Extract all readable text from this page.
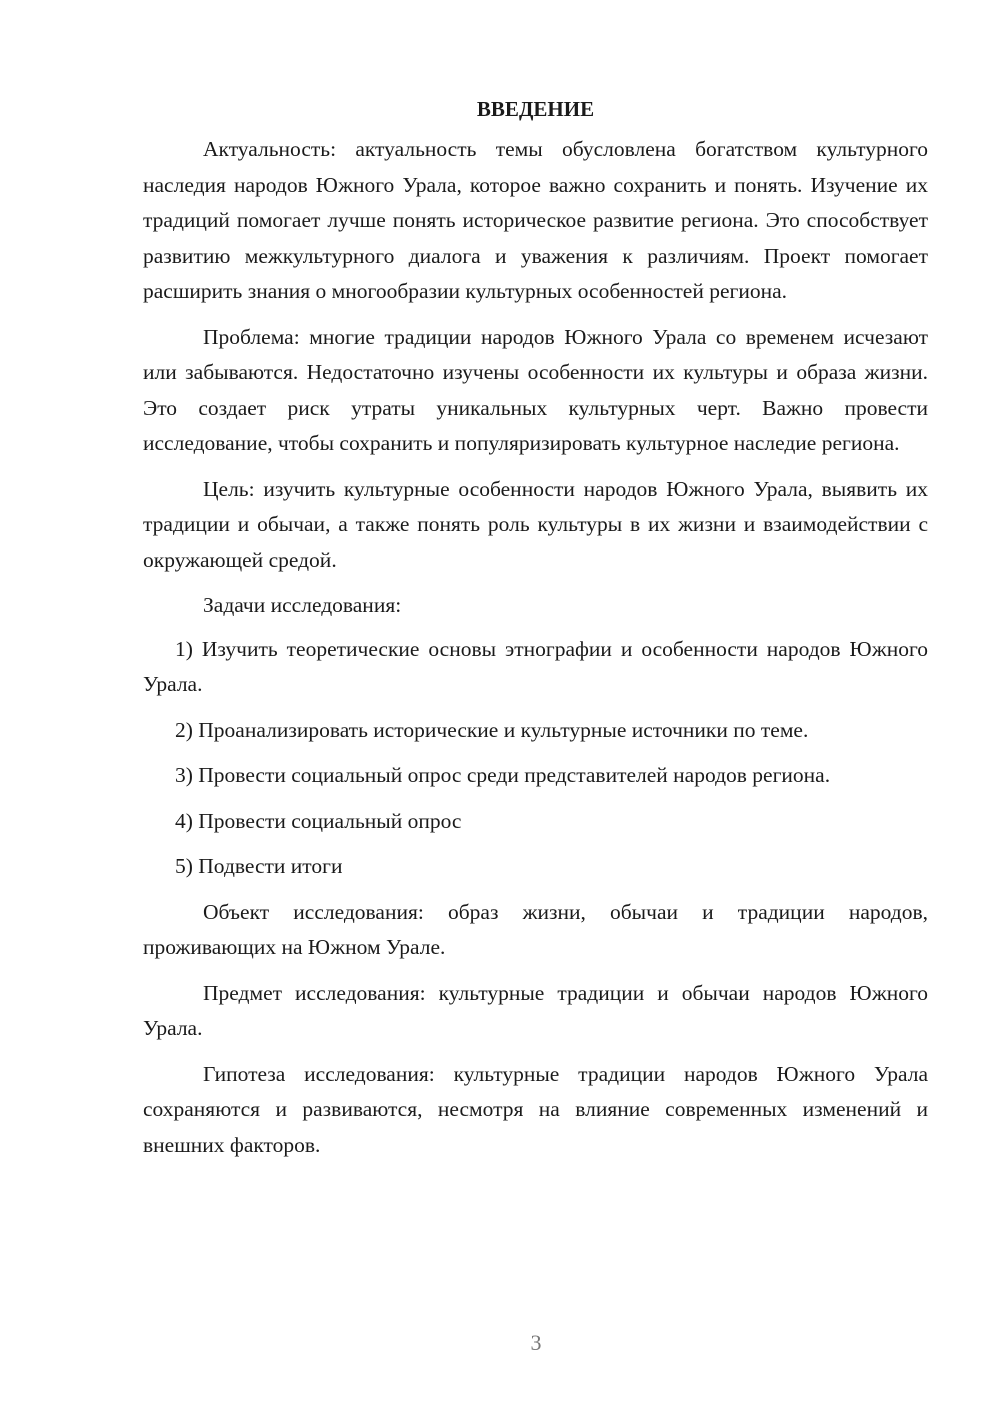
ВВЕДЕНИЕ

Актуальность: актуальность темы обусловлена богатством культурного наследия народов Южного Урала, которое важно сохранить и понять. Изучение их традиций помогает лучше понять историческое развитие региона. Это способствует развитию межкультурного диалога и уважения к различиям. Проект помогает расширить знания о многообразии культурных особенностей региона.

Проблема: многие традиции народов Южного Урала со временем исчезают или забываются. Недостаточно изучены особенности их культуры и образа жизни. Это создает риск утраты уникальных культурных черт. Важно провести исследование, чтобы сохранить и популяризировать культурное наследие региона.

Цель: изучить культурные особенности народов Южного Урала, выявить их традиции и обычаи, а также понять роль культуры в их жизни и взаимодействии с окружающей средой.

Задачи исследования:

1) Изучить теоретические основы этнографии и особенности народов Южного Урала.

2) Проанализировать исторические и культурные источники по теме.

3) Провести социальный опрос среди представителей народов региона.

4) Провести социальный опрос

5) Подвести итоги

Объект исследования: образ жизни, обычаи и традиции народов, проживающих на Южном Урале.

Предмет исследования: культурные традиции и обычаи народов Южного Урала.

Гипотеза исследования: культурные традиции народов Южного Урала сохраняются и развиваются, несмотря на влияние современных изменений и внешних факторов.

3
